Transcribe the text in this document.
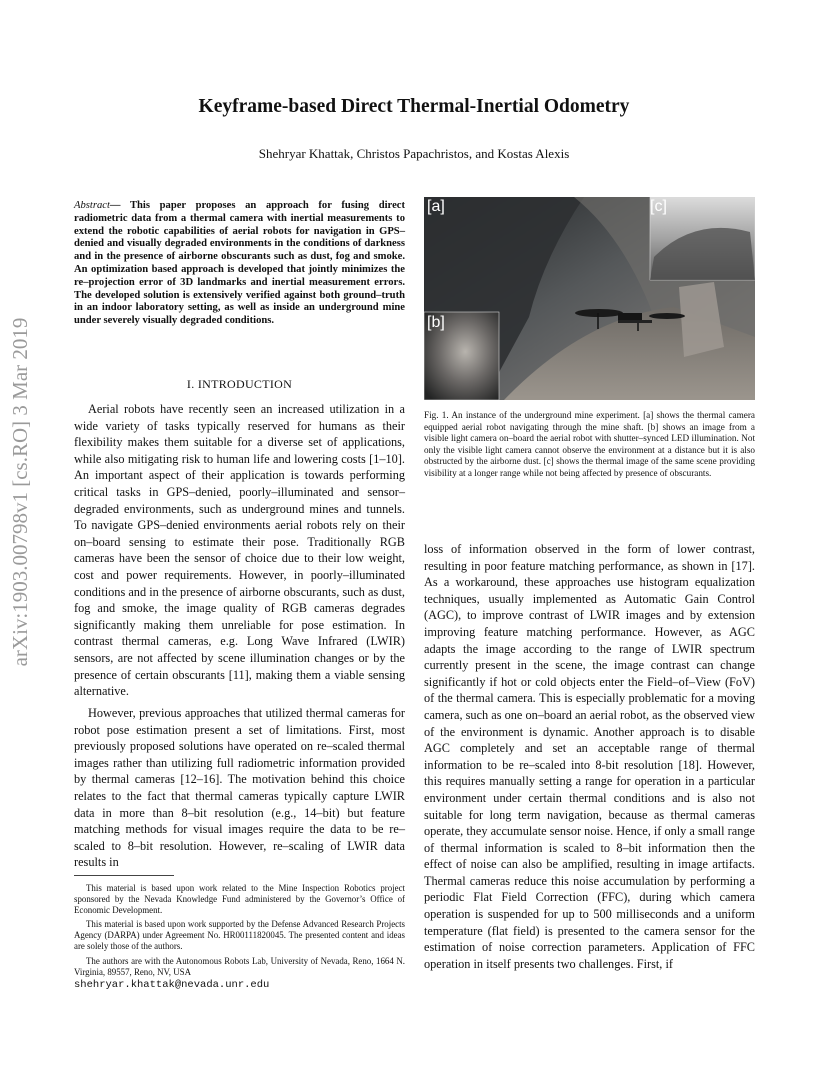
arXiv:1903.00798v1 [cs.RO] 3 Mar 2019
Keyframe-based Direct Thermal-Inertial Odometry
Shehryar Khattak, Christos Papachristos, and Kostas Alexis
Abstract— This paper proposes an approach for fusing direct radiometric data from a thermal camera with inertial measurements to extend the robotic capabilities of aerial robots for navigation in GPS–denied and visually degraded environments in the conditions of darkness and in the presence of airborne obscurants such as dust, fog and smoke. An optimization based approach is developed that jointly minimizes the re–projection error of 3D landmarks and inertial measurement errors. The developed solution is extensively verified against both ground–truth in an indoor laboratory setting, as well as inside an underground mine under severely visually degraded conditions.
I. INTRODUCTION

Aerial robots have recently seen an increased utilization in a wide variety of tasks typically reserved for humans as their flexibility makes them suitable for a diverse set of applications, while also mitigating risk to human life and lowering costs [1–10]. An important aspect of their application is towards performing critical tasks in GPS–denied, poorly–illuminated and sensor–degraded environments, such as underground mines and tunnels. To navigate GPS–denied environments aerial robots rely on their on–board sensing to estimate their pose. Traditionally RGB cameras have been the sensor of choice due to their low weight, cost and power requirements. However, in poorly–illuminated conditions and in the presence of airborne obscurants, such as dust, fog and smoke, the image quality of RGB cameras degrades significantly making them unreliable for pose estimation. In contrast thermal cameras, e.g. Long Wave Infrared (LWIR) sensors, are not affected by scene illumination changes or by the presence of certain obscurants [11], making them a viable sensing alternative.

However, previous approaches that utilized thermal cameras for robot pose estimation present a set of limitations. First, most previously proposed solutions have operated on re–scaled thermal images rather than utilizing full radiometric information provided by thermal cameras [12–16]. The motivation behind this choice relates to the fact that thermal cameras typically capture LWIR data in more than 8–bit resolution (e.g., 14–bit) but feature matching methods for visual images require the data to be re–scaled to 8–bit resolution. However, re–scaling of LWIR data results in

This material is based upon work related to the Mine Inspection Robotics project sponsored by the Nevada Knowledge Fund administered by the Governor’s Office of Economic Development.

This material is based upon work supported by the Defense Advanced Research Projects Agency (DARPA) under Agreement No. HR00111820045. The presented content and ideas are solely those of the authors.

The authors are with the Autonomous Robots Lab, University of Nevada, Reno, 1664 N. Virginia, 89557, Reno, NV, USA

shehryar.khattak@nevada.unr.edu
[a]
[b]
[c]
Fig. 1. An instance of the underground mine experiment. [a] shows the thermal camera equipped aerial robot navigating through the mine shaft. [b] shows an image from a visible light camera on–board the aerial robot with shutter–synced LED illumination. Not only the visible light camera cannot observe the environment at a distance but it is also obstructed by the airborne dust. [c] shows the thermal image of the same scene providing visibility at a longer range while not being affected by presence of obscurants.

loss of information observed in the form of lower contrast, resulting in poor feature matching performance, as shown in [17]. As a workaround, these approaches use histogram equalization techniques, usually implemented as Automatic Gain Control (AGC), to improve contrast of LWIR images and by extension improving feature matching performance. However, as AGC adapts the image according to the range of LWIR spectrum currently present in the scene, the image contrast can change significantly if hot or cold objects enter the Field–of–View (FoV) of the thermal camera. This is especially problematic for a moving camera, such as one on–board an aerial robot, as the observed view of the environment is dynamic. Another approach is to disable AGC completely and set an acceptable range of thermal information to be re–scaled into 8-bit resolution [18]. However, this requires manually setting a range for operation in a particular environment under certain thermal conditions and is also not suitable for long term navigation, because as thermal cameras operate, they accumulate sensor noise. Hence, if only a small range of thermal information is scaled to 8–bit information then the effect of noise can also be amplified, resulting in image artifacts. Thermal cameras reduce this noise accumulation by performing a periodic Flat Field Correction (FFC), during which camera operation is suspended for up to 500 milliseconds and a uniform temperature (flat field) is presented to the camera sensor for the estimation of noise correction parameters. Application of FFC operation in itself presents two challenges. First, if
